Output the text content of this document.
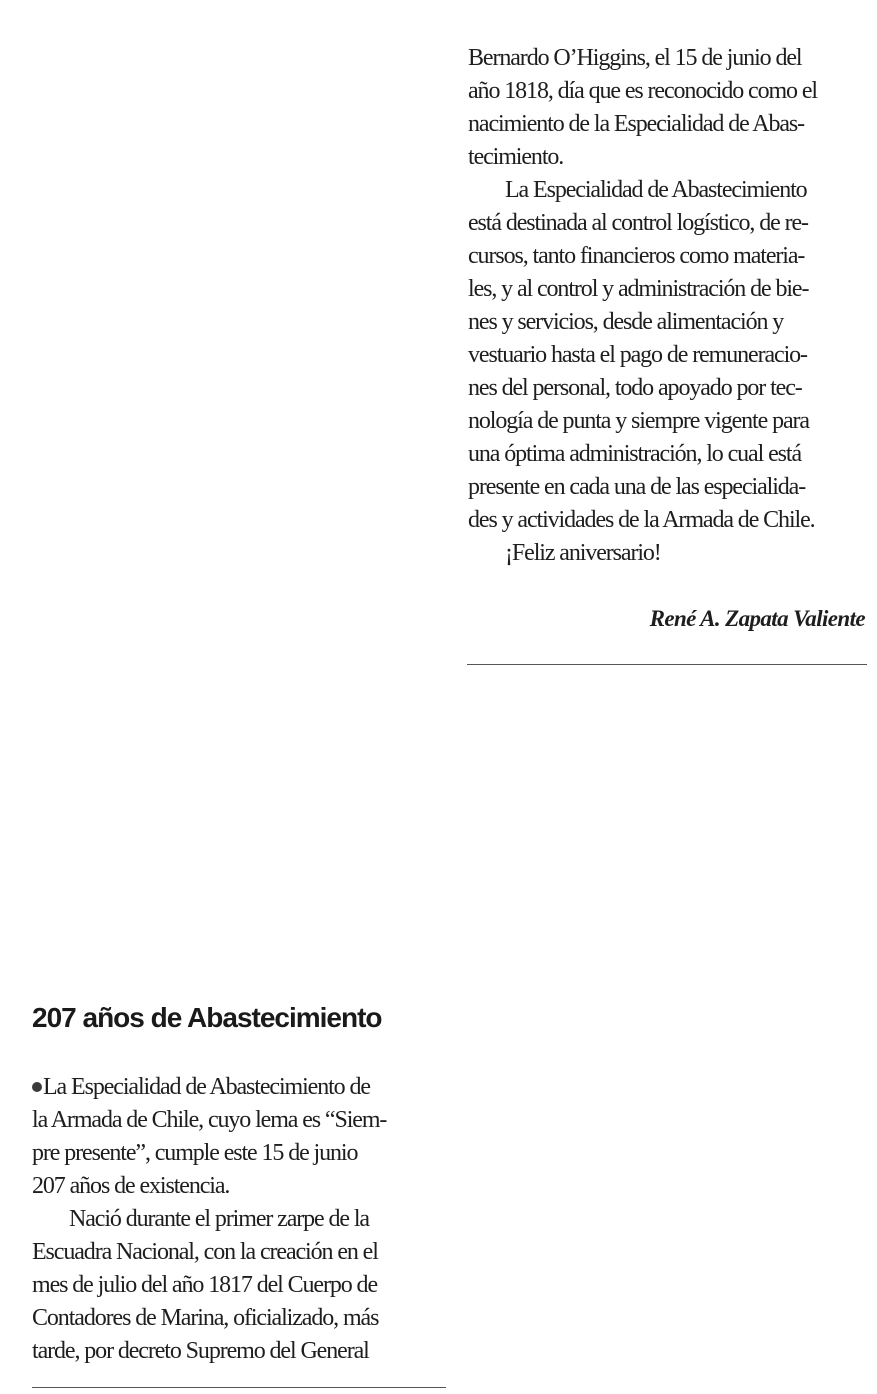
Bernardo O’Higgins, el 15 de junio del
año 1818, día que es reconocido como el
nacimiento de la Especialidad de Abas-
tecimiento.
La Especialidad de Abastecimiento
está destinada al control logístico, de re-
cursos, tanto financieros como materia-
les, y al control y administración de bie-
nes y servicios, desde alimentación y
vestuario hasta el pago de remuneracio-
nes del personal, todo apoyado por tec-
nología de punta y siempre vigente para
una óptima administración, lo cual está
presente en cada una de las especialida-
des y actividades de la Armada de Chile.
¡Feliz aniversario!
René A. Zapata Valiente
207 años de Abastecimiento
La Especialidad de Abastecimiento de
la Armada de Chile, cuyo lema es “Siem-
pre presente”, cumple este 15 de junio
207 años de existencia.
Nació durante el primer zarpe de la
Escuadra Nacional, con la creación en el
mes de julio del año 1817 del Cuerpo de
Contadores de Marina, oficializado, más
tarde, por decreto Supremo del General
